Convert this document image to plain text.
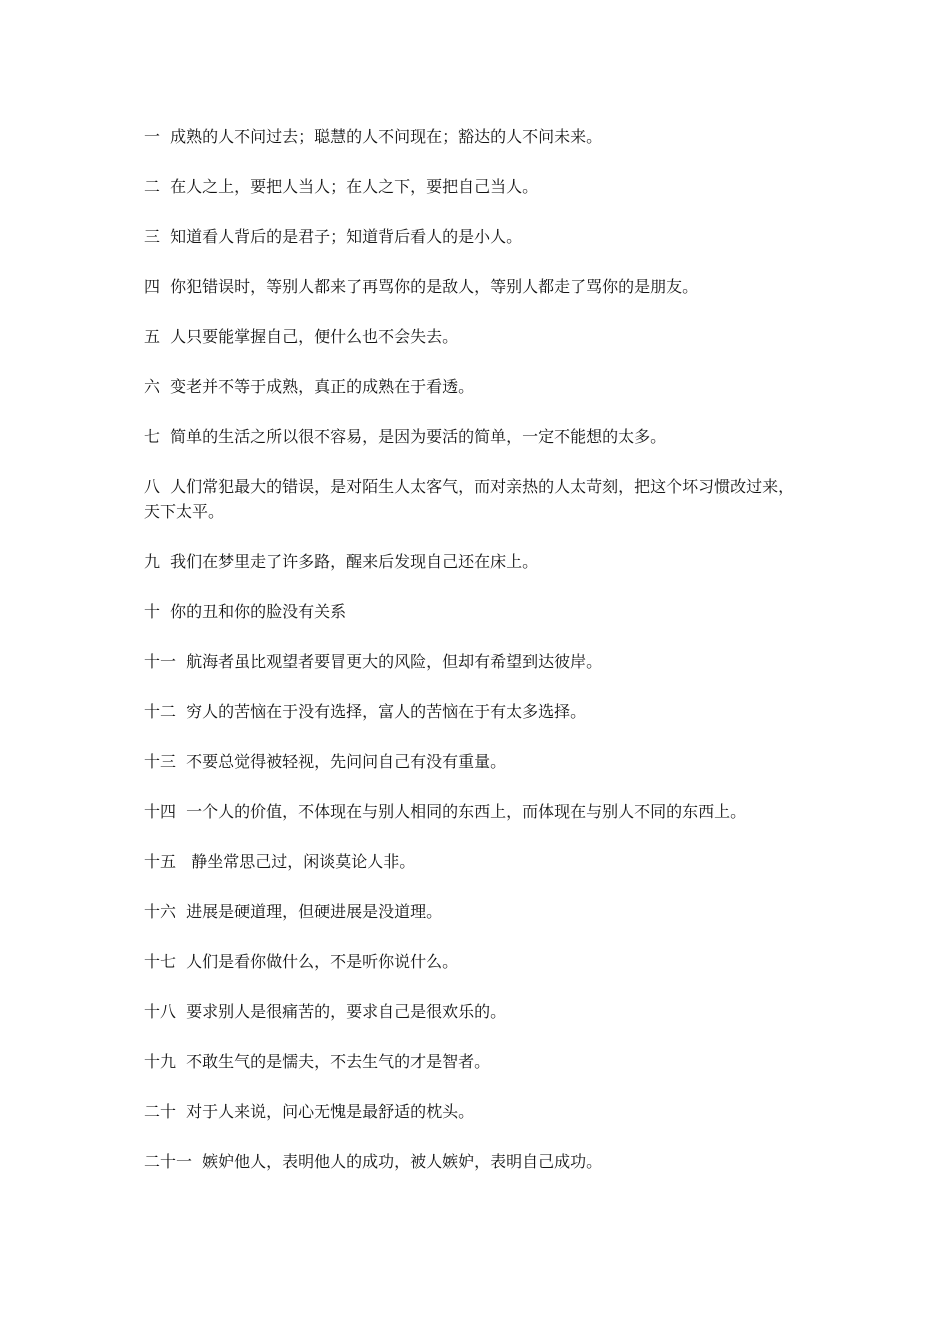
一  成熟的人不问过去；聪慧的人不问现在；豁达的人不问未来。

二  在人之上，要把人当人；在人之下，要把自己当人。

三  知道看人背后的是君子；知道背后看人的是小人。

四  你犯错误时，等别人都来了再骂你的是敌人，等别人都走了骂你的是朋友。

五  人只要能掌握自己，便什么也不会失去。

六  变老并不等于成熟，真正的成熟在于看透。

七  简单的生活之所以很不容易，是因为要活的简单，一定不能想的太多。

八  人们常犯最大的错误，是对陌生人太客气，而对亲热的人太苛刻，把这个坏习惯改过来，天下太平。

九  我们在梦里走了许多路，醒来后发现自己还在床上。

十  你的丑和你的脸没有关系

十一  航海者虽比观望者要冒更大的风险，但却有希望到达彼岸。

十二  穷人的苦恼在于没有选择，富人的苦恼在于有太多选择。

十三  不要总觉得被轻视，先问问自己有没有重量。

十四  一个人的价值，不体现在与别人相同的东西上，而体现在与别人不同的东西上。

十五   静坐常思己过，闲谈莫论人非。

十六  进展是硬道理，但硬进展是没道理。

十七  人们是看你做什么，不是听你说什么。

十八  要求别人是很痛苦的，要求自己是很欢乐的。

十九  不敢生气的是懦夫，不去生气的才是智者。

二十  对于人来说，问心无愧是最舒适的枕头。

二十一  嫉妒他人，表明他人的成功，被人嫉妒，表明自己成功。
